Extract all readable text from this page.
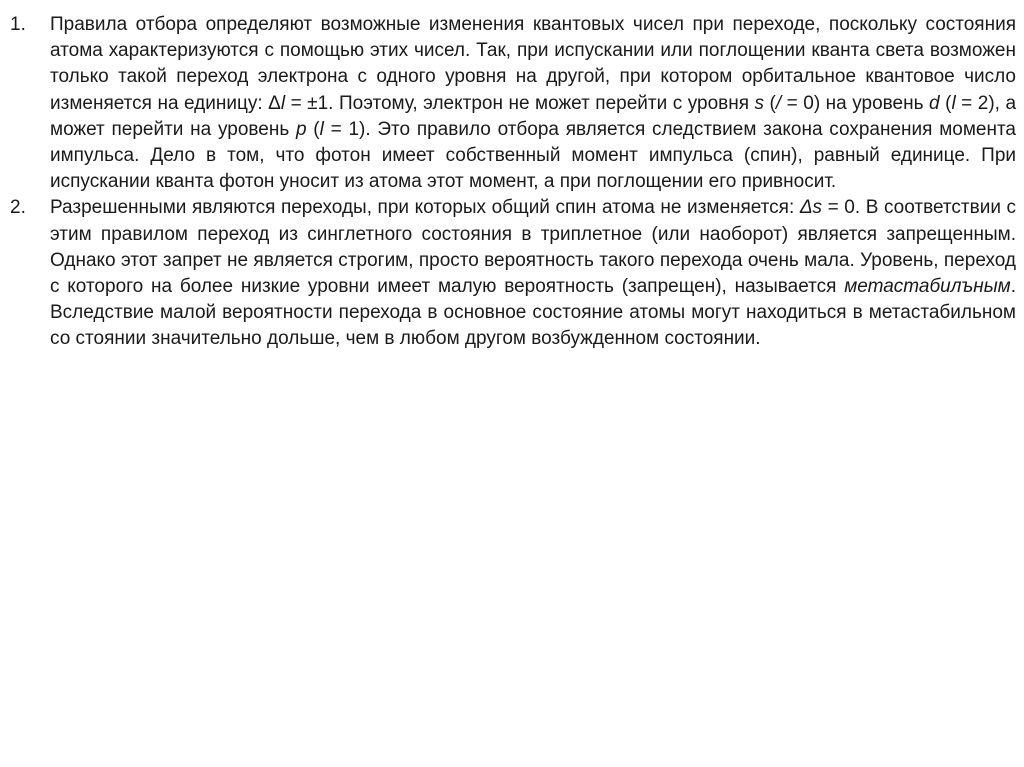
1.	Правила отбора определяют возможные изменения квантовых чисел при переходе, поскольку состояния атома характеризуются с помощью этих чисел. Так, при испускании или поглощении кванта света возможен только такой переход электрона с одного уровня на другой, при котором орбитальное квантовое число изменяется на единицу: Δl = ±1. Поэтому, электрон не может перейти с уровня s (/ = 0) на уровень d (l = 2), а может перейти на уровень p (l = 1). Это правило отбора является следствием закона сохранения момента импульса. Дело в том, что фотон имеет собственный момент импульса (спин), равный единице. При испускании кванта фотон уносит из атома этот момент, а при поглощении его привносит.
2.	Разрешенными являются переходы, при которых общий спин атома не изменяется: Δs = 0. В соответствии с этим правилом переход из синглетного состояния в триплетное (или наоборот) является запрещенным. Однако этот запрет не является строгим, просто вероятность такого перехода очень мала. Уровень, переход с которого на более низкие уровни имеет малую вероятность (запрещен), называется метастабилъным. Вследствие малой вероятности перехода в основное состояние атомы могут находиться в метастабильном со стоянии значительно дольше, чем в любом другом возбужденном состоянии.
